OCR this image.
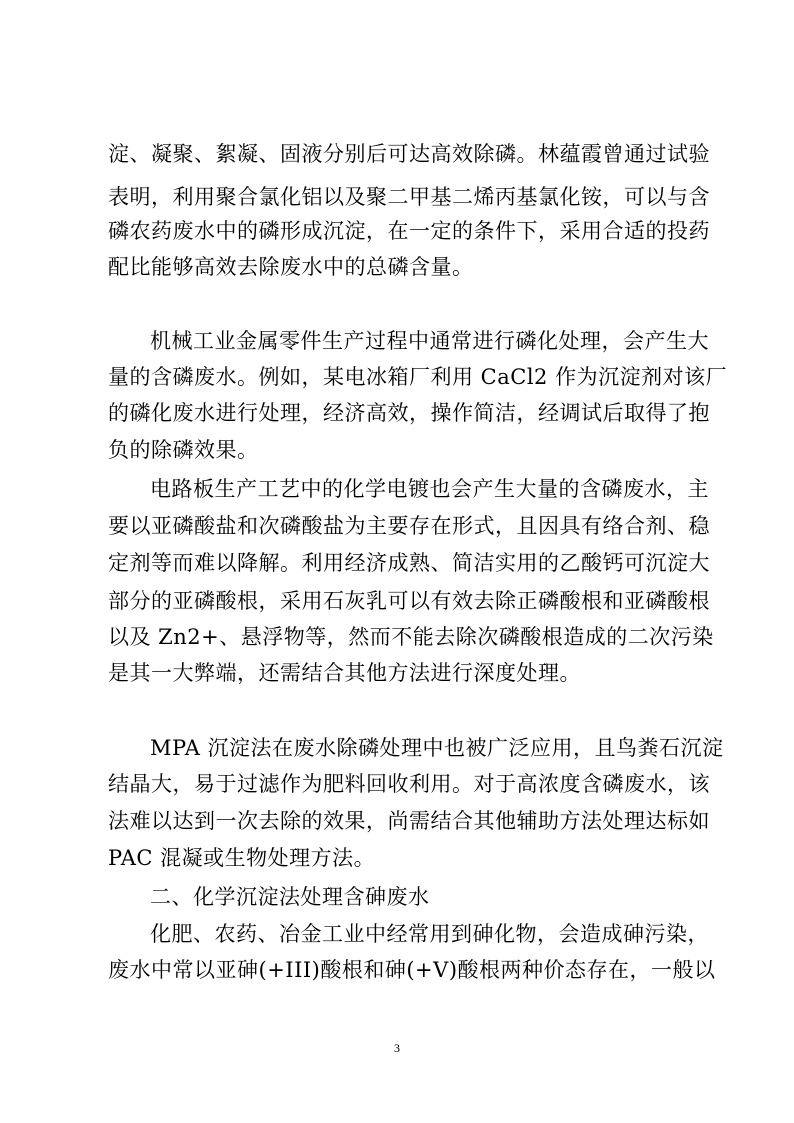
淀、凝聚、絮凝、固液分别后可达高效除磷。林蕴霞曾通过试验
表明，利用聚合氯化铝以及聚二甲基二烯丙基氯化铵，可以与含
磷农药废水中的磷形成沉淀，在一定的条件下，采用合适的投药
配比能够高效去除废水中的总磷含量。
机械工业金属零件生产过程中通常进行磷化处理，会产生大
量的含磷废水。例如，某电冰箱厂利用 CaCl2 作为沉淀剂对该厂
的磷化废水进行处理，经济高效，操作简洁，经调试后取得了抱
负的除磷效果。
电路板生产工艺中的化学电镀也会产生大量的含磷废水，主
要以亚磷酸盐和次磷酸盐为主要存在形式，且因具有络合剂、稳
定剂等而难以降解。利用经济成熟、简洁实用的乙酸钙可沉淀大
部分的亚磷酸根，采用石灰乳可以有效去除正磷酸根和亚磷酸根
以及 Zn2+、悬浮物等，然而不能去除次磷酸根造成的二次污染
是其一大弊端，还需结合其他方法进行深度处理。
MPA 沉淀法在废水除磷处理中也被广泛应用，且鸟粪石沉淀
结晶大，易于过滤作为肥料回收利用。对于高浓度含磷废水，该
法难以达到一次去除的效果，尚需结合其他辅助方法处理达标如
PAC 混凝或生物处理方法。
二、化学沉淀法处理含砷废水
化肥、农药、冶金工业中经常用到砷化物，会造成砷污染，
废水中常以亚砷(+III)酸根和砷(+V)酸根两种价态存在，一般以
3
